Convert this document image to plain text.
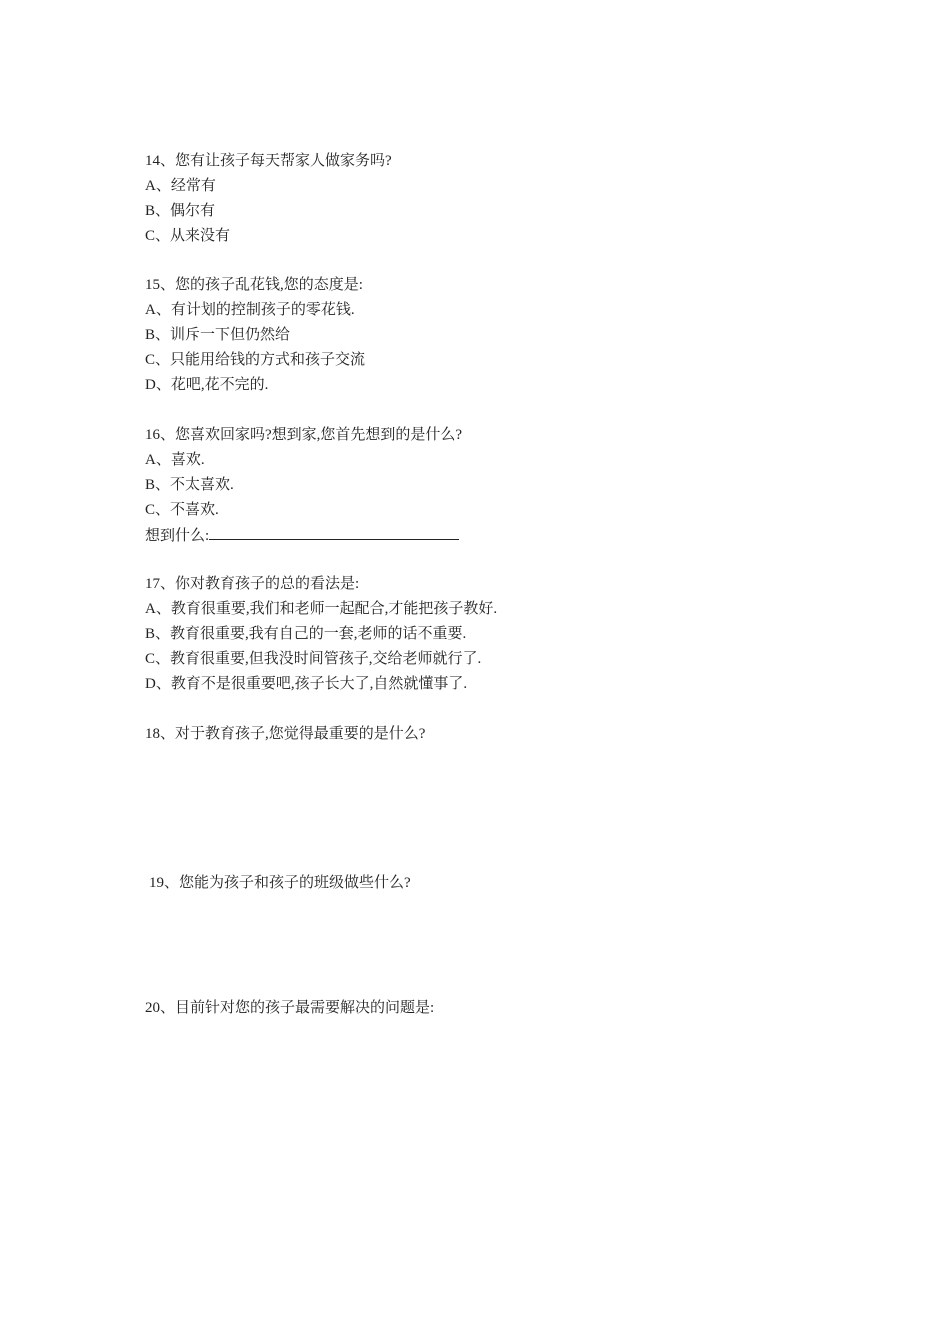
14、您有让孩子每天帮家人做家务吗?
A、经常有
B、偶尔有
C、从来没有
15、您的孩子乱花钱,您的态度是:
A、有计划的控制孩子的零花钱.
B、训斥一下但仍然给
C、只能用给钱的方式和孩子交流
D、花吧,花不完的.
16、您喜欢回家吗?想到家,您首先想到的是什么?
A、喜欢.
B、不太喜欢.
C、不喜欢.
想到什么:
17、你对教育孩子的总的看法是:
A、教育很重要,我们和老师一起配合,才能把孩子教好.
B、教育很重要,我有自己的一套,老师的话不重要.
C、教育很重要,但我没时间管孩子,交给老师就行了.
D、教育不是很重要吧,孩子长大了,自然就懂事了.
18、对于教育孩子,您觉得最重要的是什么?
19、您能为孩子和孩子的班级做些什么?
20、目前针对您的孩子最需要解决的问题是:
